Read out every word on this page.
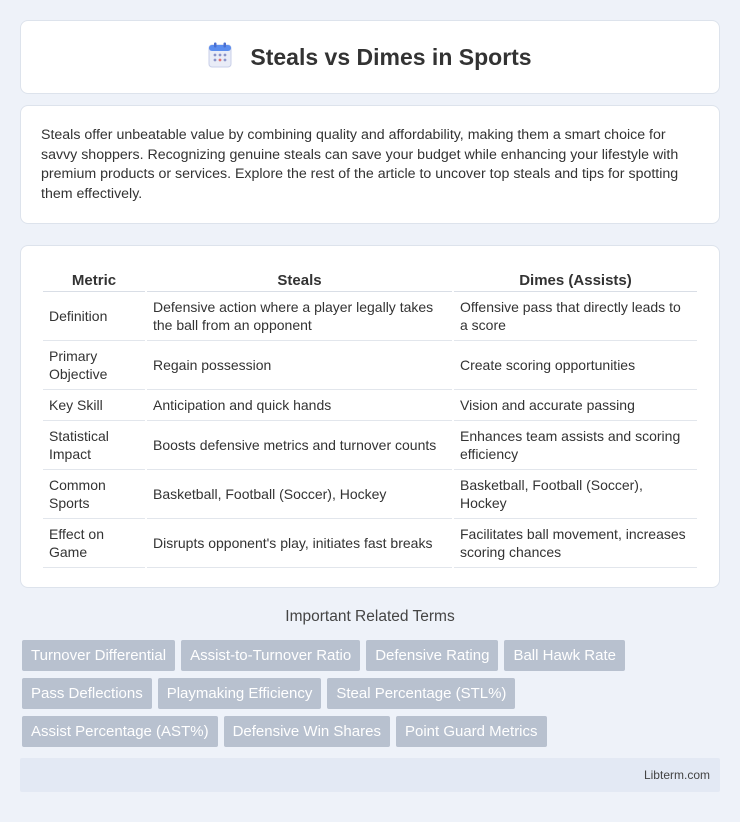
Steals vs Dimes in Sports

Steals offer unbeatable value by combining quality and affordability, making them a smart choice for savvy shoppers. Recognizing genuine steals can save your budget while enhancing your lifestyle with premium products or services. Explore the rest of the article to uncover top steals and tips for spotting them effectively.

Metric	Steals	Dimes (Assists)
Definition	Defensive action where a player legally takes the ball from an opponent	Offensive pass that directly leads to a score
Primary Objective	Regain possession	Create scoring opportunities
Key Skill	Anticipation and quick hands	Vision and accurate passing
Statistical Impact	Boosts defensive metrics and turnover counts	Enhances team assists and scoring efficiency
Common Sports	Basketball, Football (Soccer), Hockey	Basketball, Football (Soccer), Hockey
Effect on Game	Disrupts opponent's play, initiates fast breaks	Facilitates ball movement, increases scoring chances
Important Related Terms
Turnover Differential	Assist-to-Turnover Ratio	Defensive Rating	Ball Hawk Rate
Pass Deflections	Playmaking Efficiency	Steal Percentage (STL%)
Assist Percentage (AST%)	Defensive Win Shares	Point Guard Metrics
Libterm.com
